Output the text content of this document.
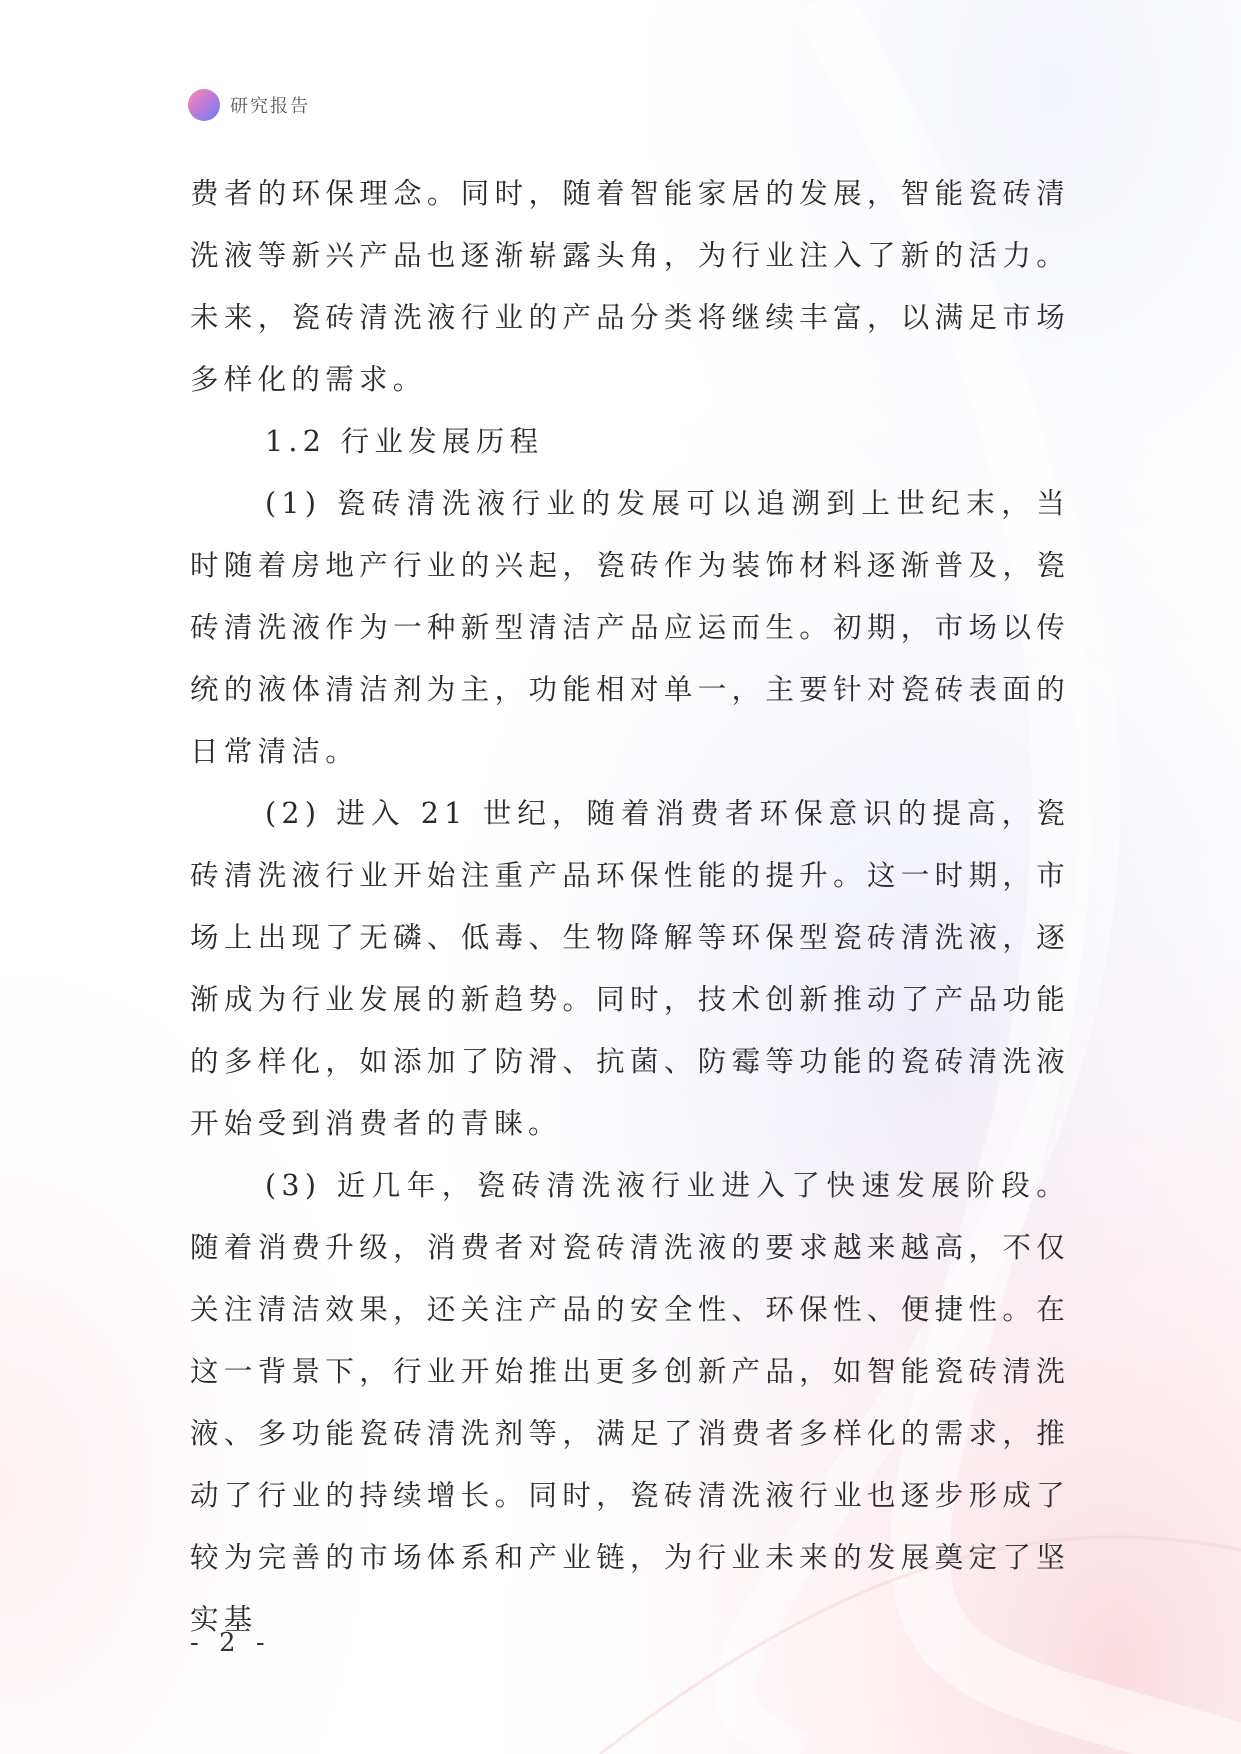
研究报告

费者的环保理念。同时，随着智能家居的发展，智能瓷砖清洗液等新兴产品也逐渐崭露头角，为行业注入了新的活力。未来，瓷砖清洗液行业的产品分类将继续丰富，以满足市场多样化的需求。

1.2 行业发展历程

(1) 瓷砖清洗液行业的发展可以追溯到上世纪末，当时随着房地产行业的兴起，瓷砖作为装饰材料逐渐普及，瓷砖清洗液作为一种新型清洁产品应运而生。初期，市场以传统的液体清洁剂为主，功能相对单一，主要针对瓷砖表面的日常清洁。

(2) 进入 21 世纪，随着消费者环保意识的提高，瓷砖清洗液行业开始注重产品环保性能的提升。这一时期，市场上出现了无磷、低毒、生物降解等环保型瓷砖清洗液，逐渐成为行业发展的新趋势。同时，技术创新推动了产品功能的多样化，如添加了防滑、抗菌、防霉等功能的瓷砖清洗液开始受到消费者的青睐。

(3) 近几年，瓷砖清洗液行业进入了快速发展阶段。随着消费升级，消费者对瓷砖清洗液的要求越来越高，不仅关注清洁效果，还关注产品的安全性、环保性、便捷性。在这一背景下，行业开始推出更多创新产品，如智能瓷砖清洗液、多功能瓷砖清洗剂等，满足了消费者多样化的需求，推动了行业的持续增长。同时，瓷砖清洗液行业也逐步形成了较为完善的市场体系和产业链，为行业未来的发展奠定了坚实基

- 2 -
